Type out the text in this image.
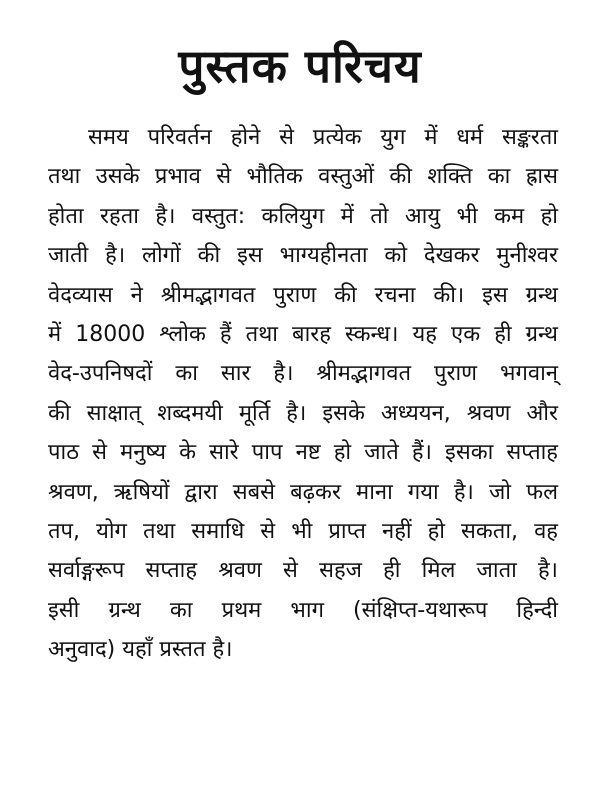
पुस्तक परिचय
समय परिवर्तन होने से प्रत्येक युग में धर्म सङ्करता
तथा उसके प्रभाव से भौतिक वस्तुओं की शक्ति का ह्रास
होता रहता है। वस्तुत: कलियुग में तो आयु भी कम हो
जाती है। लोगों की इस भाग्यहीनता को देखकर मुनीश्वर
वेदव्यास ने श्रीमद्भागवत पुराण की रचना की। इस ग्रन्थ
में 18000 श्लोक हैं तथा बारह स्कन्ध। यह एक ही ग्रन्थ
वेद-उपनिषदों का सार है। श्रीमद्भागवत पुराण भगवान्
की साक्षात् शब्दमयी मूर्ति है। इसके अध्ययन, श्रवण और
पाठ से मनुष्य के सारे पाप नष्ट हो जाते हैं। इसका सप्ताह
श्रवण, ऋषियों द्वारा सबसे बढ़कर माना गया है। जो फल
तप, योग तथा समाधि से भी प्राप्त नहीं हो सकता, वह
सर्वाङ्गरूप सप्ताह श्रवण से सहज ही मिल जाता है।
इसी ग्रन्थ का प्रथम भाग (संक्षिप्त-यथारूप हिन्दी
अनुवाद) यहाँ प्रस्तत है।
